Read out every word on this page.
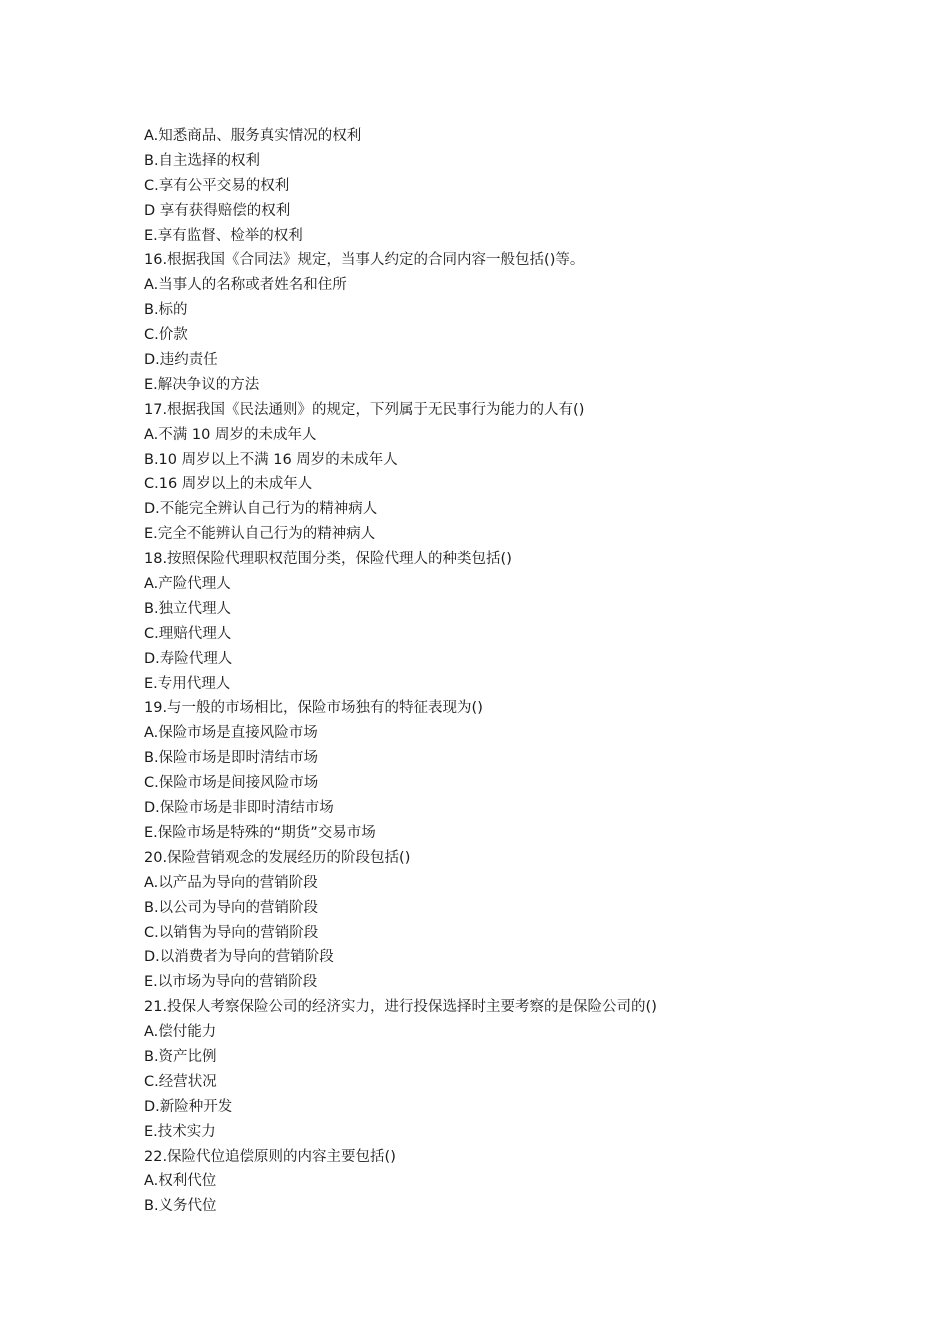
A.知悉商品、服务真实情况的权利
B.自主选择的权利
C.享有公平交易的权利
D 享有获得赔偿的权利
E.享有监督、检举的权利
16.根据我国《合同法》规定，当事人约定的合同内容一般包括()等。
A.当事人的名称或者姓名和住所
B.标的
C.价款
D.违约责任
E.解决争议的方法
17.根据我国《民法通则》的规定，下列属于无民事行为能力的人有()
A.不满 10 周岁的未成年人
B.10 周岁以上不满 16 周岁的未成年人
C.16 周岁以上的未成年人
D.不能完全辨认自己行为的精神病人
E.完全不能辨认自己行为的精神病人
18.按照保险代理职权范围分类，保险代理人的种类包括()
A.产险代理人
B.独立代理人
C.理赔代理人
D.寿险代理人
E.专用代理人
19.与一般的市场相比，保险市场独有的特征表现为()
A.保险市场是直接风险市场
B.保险市场是即时清结市场
C.保险市场是间接风险市场
D.保险市场是非即时清结市场
E.保险市场是特殊的“期货”交易市场
20.保险营销观念的发展经历的阶段包括()
A.以产品为导向的营销阶段
B.以公司为导向的营销阶段
C.以销售为导向的营销阶段
D.以消费者为导向的营销阶段
E.以市场为导向的营销阶段
21.投保人考察保险公司的经济实力，进行投保选择时主要考察的是保险公司的()
A.偿付能力
B.资产比例
C.经营状况
D.新险种开发
E.技术实力
22.保险代位追偿原则的内容主要包括()
A.权利代位
B.义务代位
